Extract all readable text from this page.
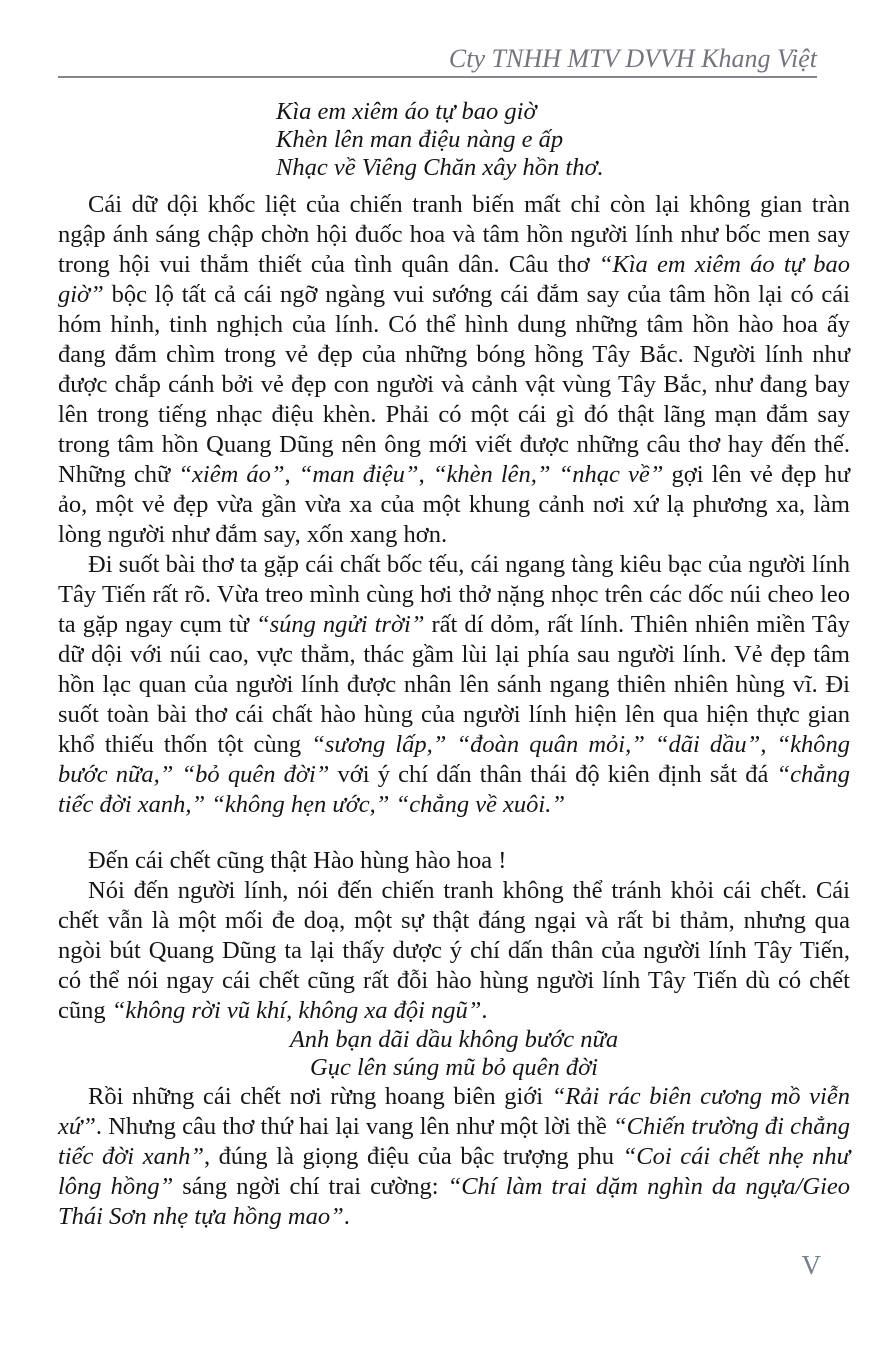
Cty TNHH MTV DVVH Khang Việt
Kìa em xiêm áo tự bao giờ
Khèn lên man điệu nàng e ấp
Nhạc về Viêng Chăn xây hồn thơ.

Cái dữ dội khốc liệt của chiến tranh biến mất chỉ còn lại không gian tràn ngập ánh sáng chập chờn hội đuốc hoa và tâm hồn người lính như bốc men say trong hội vui thắm thiết của tình quân dân. Câu thơ “Kìa em xiêm áo tự bao giờ” bộc lộ tất cả cái ngỡ ngàng vui sướng cái đắm say của tâm hồn lại có cái hóm hỉnh, tinh nghịch của lính. Có thể hình dung những tâm hồn hào hoa ấy đang đắm chìm trong vẻ đẹp của những bóng hồng Tây Bắc. Người lính như được chắp cánh bởi vẻ đẹp con người và cảnh vật vùng Tây Bắc, như đang bay lên trong tiếng nhạc điệu khèn. Phải có một cái gì đó thật lãng mạn đắm say trong tâm hồn Quang Dũng nên ông mới viết được những câu thơ hay đến thế. Những chữ “xiêm áo”, “man điệu”, “khèn lên,” “nhạc về” gợi lên vẻ đẹp hư ảo, một vẻ đẹp vừa gần vừa xa của một khung cảnh nơi xứ lạ phương xa, làm lòng người như đắm say, xốn xang hơn.

Đi suốt bài thơ ta gặp cái chất bốc tếu, cái ngang tàng kiêu bạc của người lính Tây Tiến rất rõ. Vừa treo mình cùng hơi thở nặng nhọc trên các dốc núi cheo leo ta gặp ngay cụm từ “súng ngửi trời” rất dí dỏm, rất lính. Thiên nhiên miền Tây dữ dội với núi cao, vực thẳm, thác gầm lùi lại phía sau người lính. Vẻ đẹp tâm hồn lạc quan của người lính được nhân lên sánh ngang thiên nhiên hùng vĩ. Đi suốt toàn bài thơ cái chất hào hùng của người lính hiện lên qua hiện thực gian khổ thiếu thốn tột cùng “sương lấp,” “đoàn quân mỏi,” “dãi dầu”, “không bước nữa,” “bỏ quên đời” với ý chí dấn thân thái độ kiên định sắt đá “chẳng tiếc đời xanh,” “không hẹn ước,” “chẳng về xuôi.”

Đến cái chết cũng thật Hào hùng hào hoa !

Nói đến người lính, nói đến chiến tranh không thể tránh khỏi cái chết. Cái chết vẫn là một mối đe doạ, một sự thật đáng ngại và rất bi thảm, nhưng qua ngòi bút Quang Dũng ta lại thấy dược ý chí dấn thân của người lính Tây Tiến, có thể nói ngay cái chết cũng rất đỗi hào hùng người lính Tây Tiến dù có chết cũng “không rời vũ khí, không xa đội ngũ”.

Anh bạn dãi dầu không bước nữa
Gục lên súng mũ bỏ quên đời

Rồi những cái chết nơi rừng hoang biên giới “Rải rác biên cương mồ viễn xứ”. Nhưng câu thơ thứ hai lại vang lên như một lời thề “Chiến trường đi chẳng tiếc đời xanh”, đúng là giọng điệu của bậc trượng phu “Coi cái chết nhẹ như lông hồng” sáng ngời chí trai cường: “Chí làm trai dặm nghìn da ngựa/Gieo Thái Sơn nhẹ tựa hồng mao”.

V
